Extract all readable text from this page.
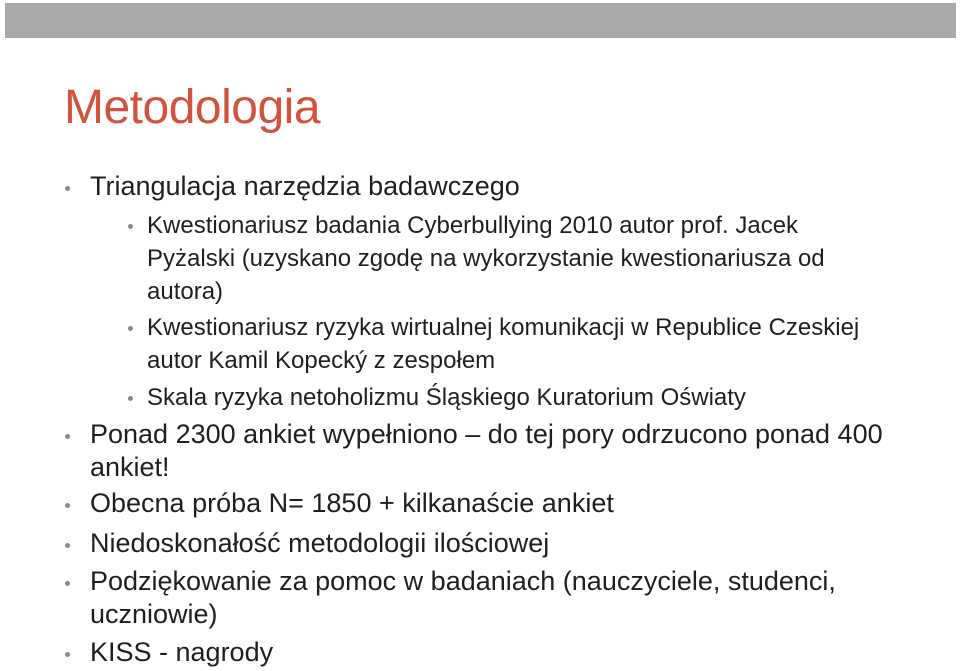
Metodologia

Triangulacja narzędzia badawczego

Kwestionariusz badania Cyberbullying 2010 autor prof. Jacek Pyżalski (uzyskano zgodę na wykorzystanie kwestionariusza od autora)

Kwestionariusz ryzyka wirtualnej komunikacji w Republice Czeskiej autor Kamil Kopecký z zespołem

Skala ryzyka netoholizmu Śląskiego Kuratorium Oświaty

Ponad 2300 ankiet wypełniono – do tej pory odrzucono ponad 400 ankiet!

Obecna próba N= 1850 + kilkanaście ankiet

Niedoskonałość metodologii ilościowej

Podziękowanie za pomoc w badaniach (nauczyciele, studenci, uczniowie)

KISS - nagrody
